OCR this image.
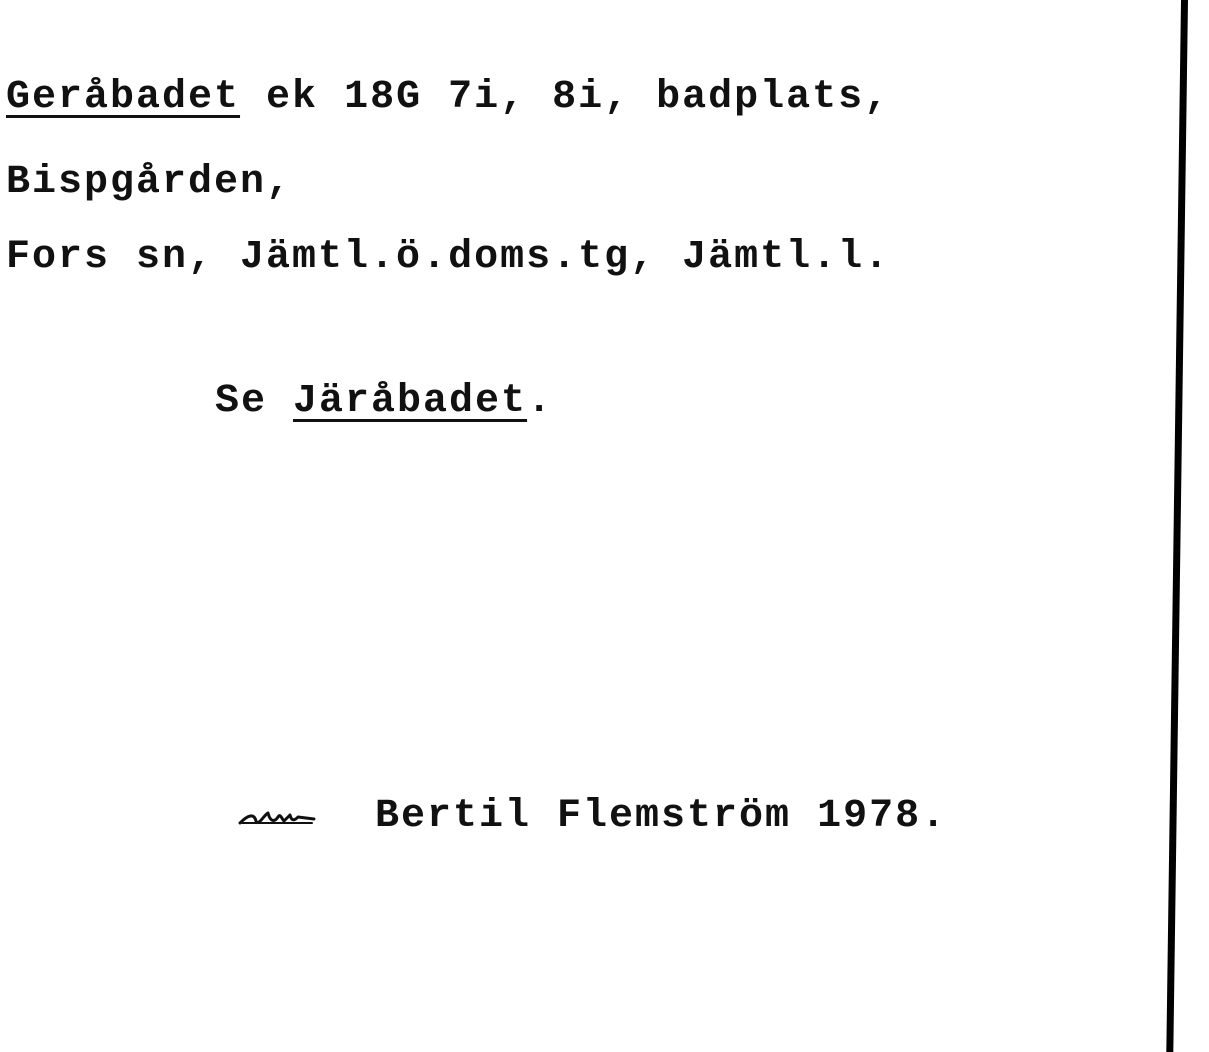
Geråbadet ek 18G 7i, 8i, badplats,
Bispgården,
Fors sn, Jämtl.ö.doms.tg, Jämtl.l.
Se Järåbadet.
Bertil Flemström 1978.
